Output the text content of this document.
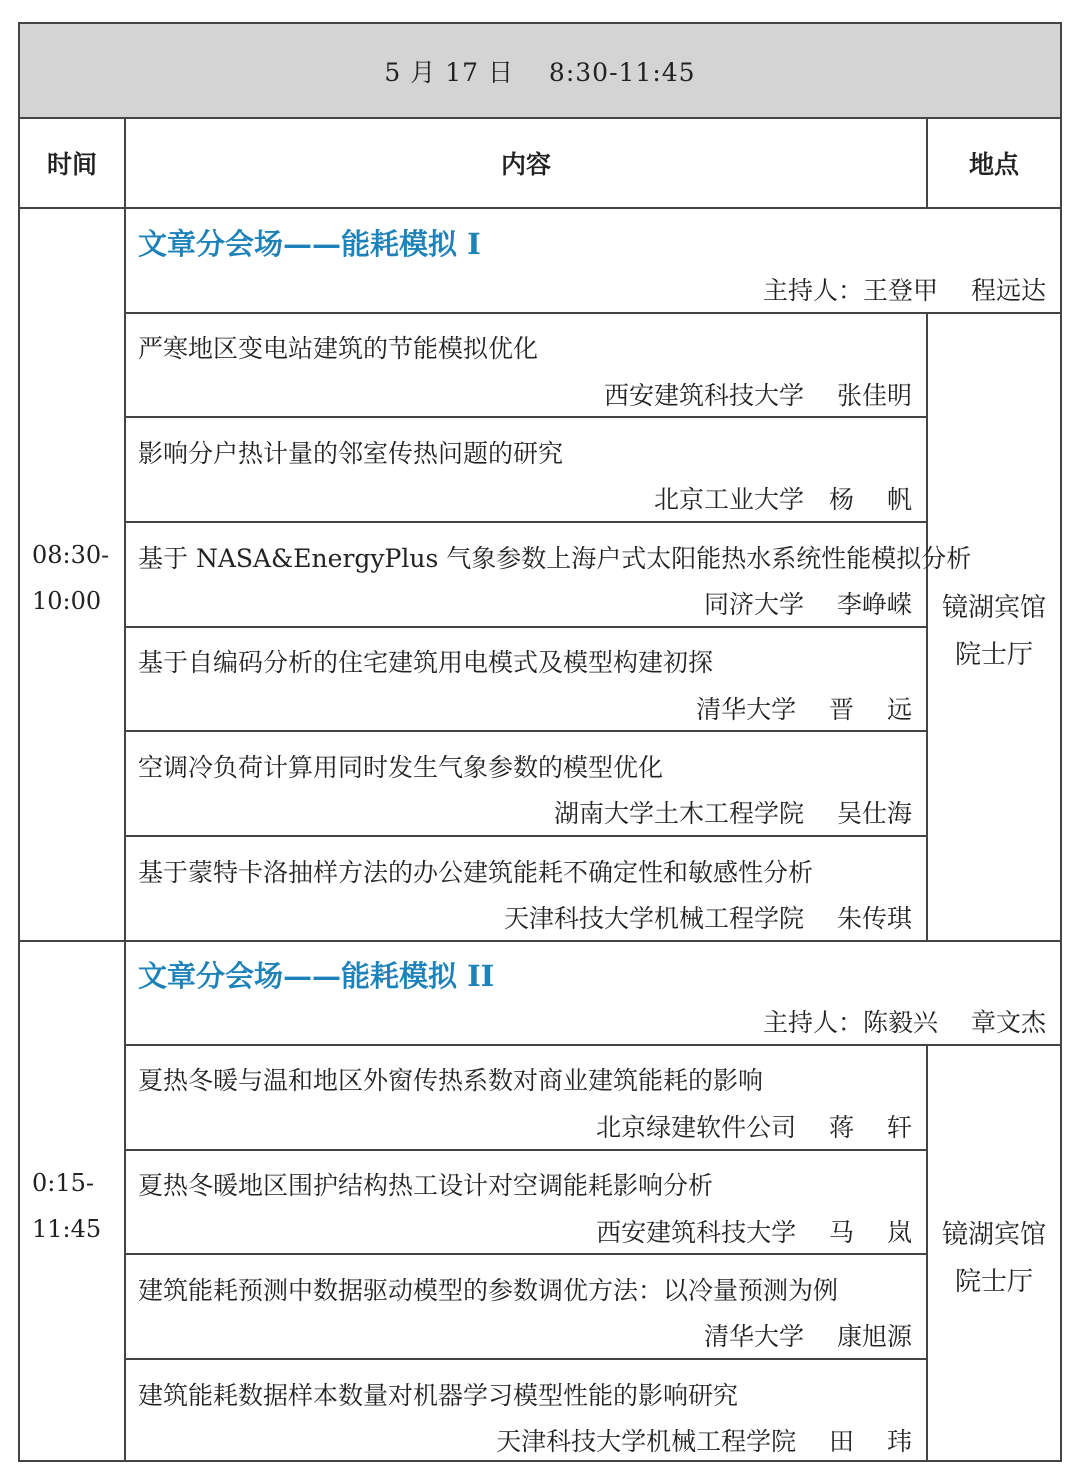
5 月 17 日　 8:30-11:45
时间	内容	地点
08:30-
10:00
文章分会场——能耗模拟 I
主持人：王登甲　 程远达
镜湖宾馆
院士厅
严寒地区变电站建筑的节能模拟优化
西安建筑科技大学　 张佳明
影响分户热计量的邻室传热问题的研究
北京工业大学　杨　 帆
基于 NASA&EnergyPlus 气象参数上海户式太阳能热水系统性能模拟分析
同济大学　 李峥嵘
基于自编码分析的住宅建筑用电模式及模型构建初探
清华大学　 晋　 远
空调冷负荷计算用同时发生气象参数的模型优化
湖南大学土木工程学院　 吴仕海
基于蒙特卡洛抽样方法的办公建筑能耗不确定性和敏感性分析
天津科技大学机械工程学院　 朱传琪
0:15-
11:45
文章分会场——能耗模拟 II
主持人：陈毅兴　 章文杰
镜湖宾馆
院士厅
夏热冬暖与温和地区外窗传热系数对商业建筑能耗的影响
北京绿建软件公司　 蒋　 轩
夏热冬暖地区围护结构热工设计对空调能耗影响分析
西安建筑科技大学　 马　 岚
建筑能耗预测中数据驱动模型的参数调优方法：以冷量预测为例
清华大学　 康旭源
建筑能耗数据样本数量对机器学习模型性能的影响研究
天津科技大学机械工程学院　 田　 玮
